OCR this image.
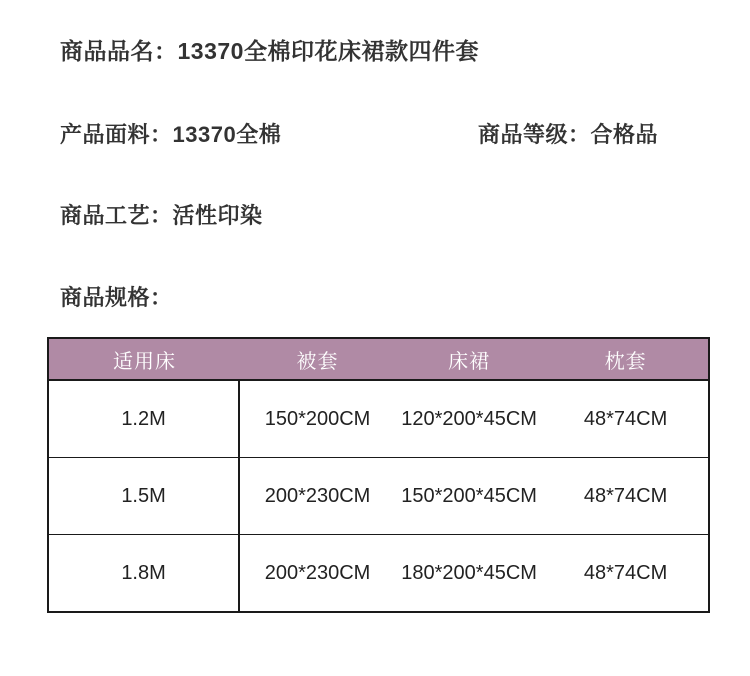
商品品名：13370全棉印花床裙款四件套
产品面料：13370全棉	商品等级：合格品
商品工艺：活性印染
商品规格：
适用床	被套	床裙	枕套
1.2M	150*200CM	120*200*45CM	48*74CM
1.5M	200*230CM	150*200*45CM	48*74CM
1.8M	200*230CM	180*200*45CM	48*74CM
